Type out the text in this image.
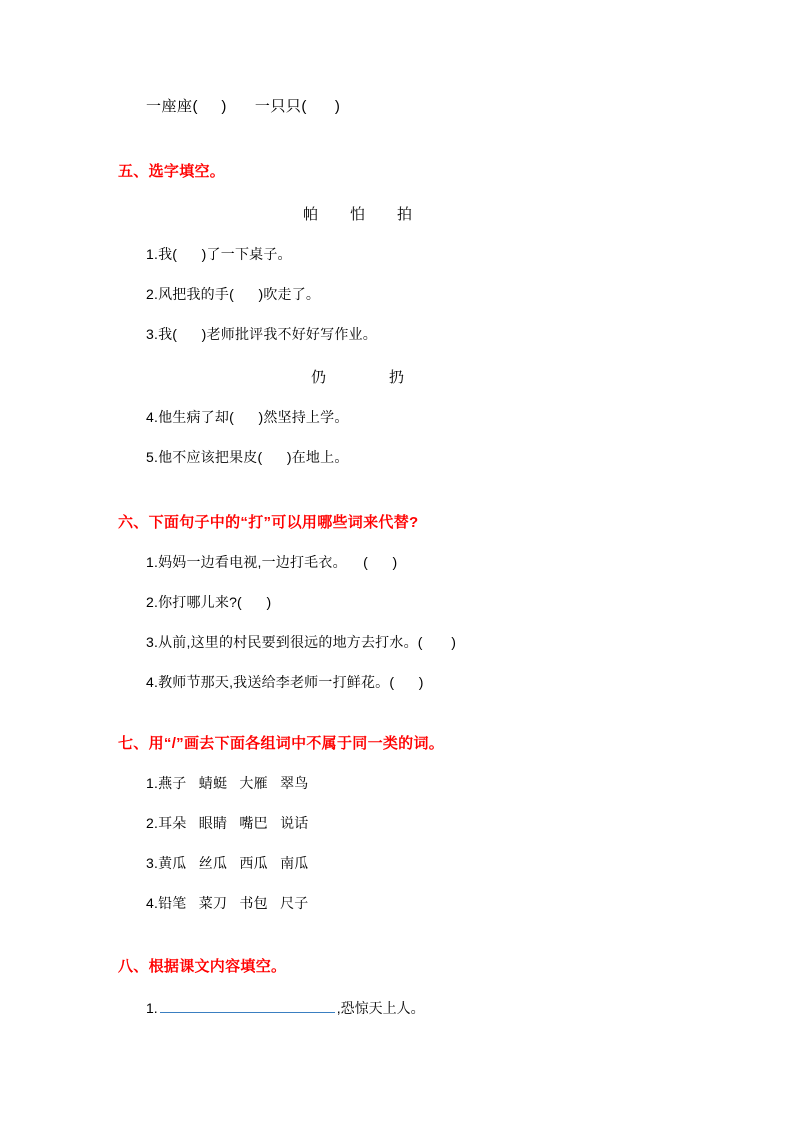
一座座(     )      一只只(      )
五、选字填空。
帕      怕      拍
1.我(      )了一下桌子。
2.风把我的手(      )吹走了。
3.我(      )老师批评我不好好写作业。
仍            扔
4.他生病了却(      )然坚持上学。
5.他不应该把果皮(      )在地上。
六、下面句子中的“打”可以用哪些词来代替?
1.妈妈一边看电视,一边打毛衣。    (      )
2.你打哪儿来?(      )
3.从前,这里的村民要到很远的地方去打水。(       )
4.教师节那天,我送给李老师一打鲜花。(      )
七、用“/”画去下面各组词中不属于同一类的词。
1.燕子   蜻蜓   大雁   翠鸟
2.耳朵   眼睛   嘴巴   说话
3.黄瓜   丝瓜   西瓜   南瓜
4.铅笔   菜刀   书包   尺子
八、根据课文内容填空。
1.	,恐惊天上人。
